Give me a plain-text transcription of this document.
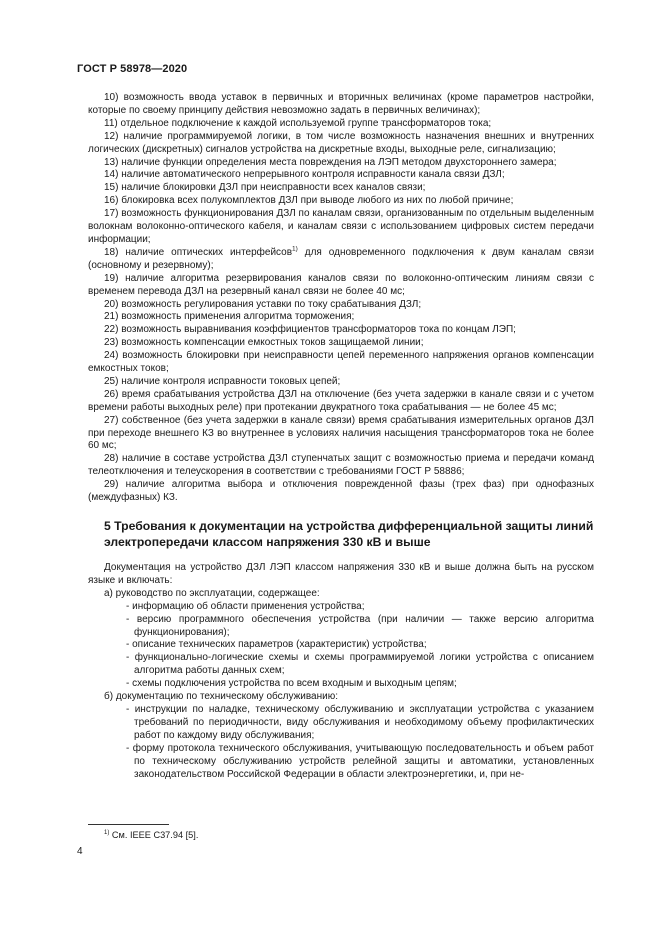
ГОСТ Р 58978—2020

10) возможность ввода уставок в первичных и вторичных величинах (кроме параметров настройки, которые по своему принципу действия невозможно задать в первичных величинах);

11) отдельное подключение к каждой используемой группе трансформаторов тока;

12) наличие программируемой логики, в том числе возможность назначения внешних и внутренних логических (дискретных) сигналов устройства на дискретные входы, выходные реле, сигнализацию;

13) наличие функции определения места повреждения на ЛЭП методом двухстороннего замера;

14) наличие автоматического непрерывного контроля исправности канала связи ДЗЛ;

15) наличие блокировки ДЗЛ при неисправности всех каналов связи;

16) блокировка всех полукомплектов ДЗЛ при выводе любого из них по любой причине;

17) возможность функционирования ДЗЛ по каналам связи, организованным по отдельным выделенным волокнам волоконно-оптического кабеля, и каналам связи с использованием цифровых систем передачи информации;

18) наличие оптических интерфейсов$^{1)}$ для одновременного подключения к двум каналам связи (основному и резервному);

19) наличие алгоритма резервирования каналов связи по волоконно-оптическим линиям связи с временем перевода ДЗЛ на резервный канал связи не более 40 мс;

20) возможность регулирования уставки по току срабатывания ДЗЛ;

21) возможность применения алгоритма торможения;

22) возможность выравнивания коэффициентов трансформаторов тока по концам ЛЭП;

23) возможность компенсации емкостных токов защищаемой линии;

24) возможность блокировки при неисправности цепей переменного напряжения органов компенсации емкостных токов;

25) наличие контроля исправности токовых цепей;

26) время срабатывания устройства ДЗЛ на отключение (без учета задержки в канале связи и с учетом времени работы выходных реле) при протекании двукратного тока срабатывания — не более 45 мс;

27) собственное (без учета задержки в канале связи) время срабатывания измерительных органов ДЗЛ при переходе внешнего КЗ во внутреннее в условиях наличия насыщения трансформаторов тока не более 60 мс;

28) наличие в составе устройства ДЗЛ ступенчатых защит с возможностью приема и передачи команд телеотключения и телеускорения в соответствии с требованиями ГОСТ Р 58886;

29) наличие алгоритма выбора и отключения поврежденной фазы (трех фаз) при однофазных (междуфазных) КЗ.

5 Требования к документации на устройства дифференциальной защиты линий электропередачи классом напряжения 330 кВ и выше

Документация на устройство ДЗЛ ЛЭП классом напряжения 330 кВ и выше должна быть на русском языке и включать:

а) руководство по эксплуатации, содержащее:

- информацию об области применения устройства;

- версию программного обеспечения устройства (при наличии — также версию алгоритма функционирования);

- описание технических параметров (характеристик) устройства;

- функционально-логические схемы и схемы программируемой логики устройства с описанием алгоритма работы данных схем;

- схемы подключения устройства по всем входным и выходным цепям;

б) документацию по техническому обслуживанию:

- инструкции по наладке, техническому обслуживанию и эксплуатации устройства с указанием требований по периодичности, виду обслуживания и необходимому объему профилактических работ по каждому виду обслуживания;

- форму протокола технического обслуживания, учитывающую последовательность и объем работ по техническому обслуживанию устройств релейной защиты и автоматики, установленных законодательством Российской Федерации в области электроэнергетики, и, при не-

$^{1)}$ См. IEEE C37.94 [5].
4
